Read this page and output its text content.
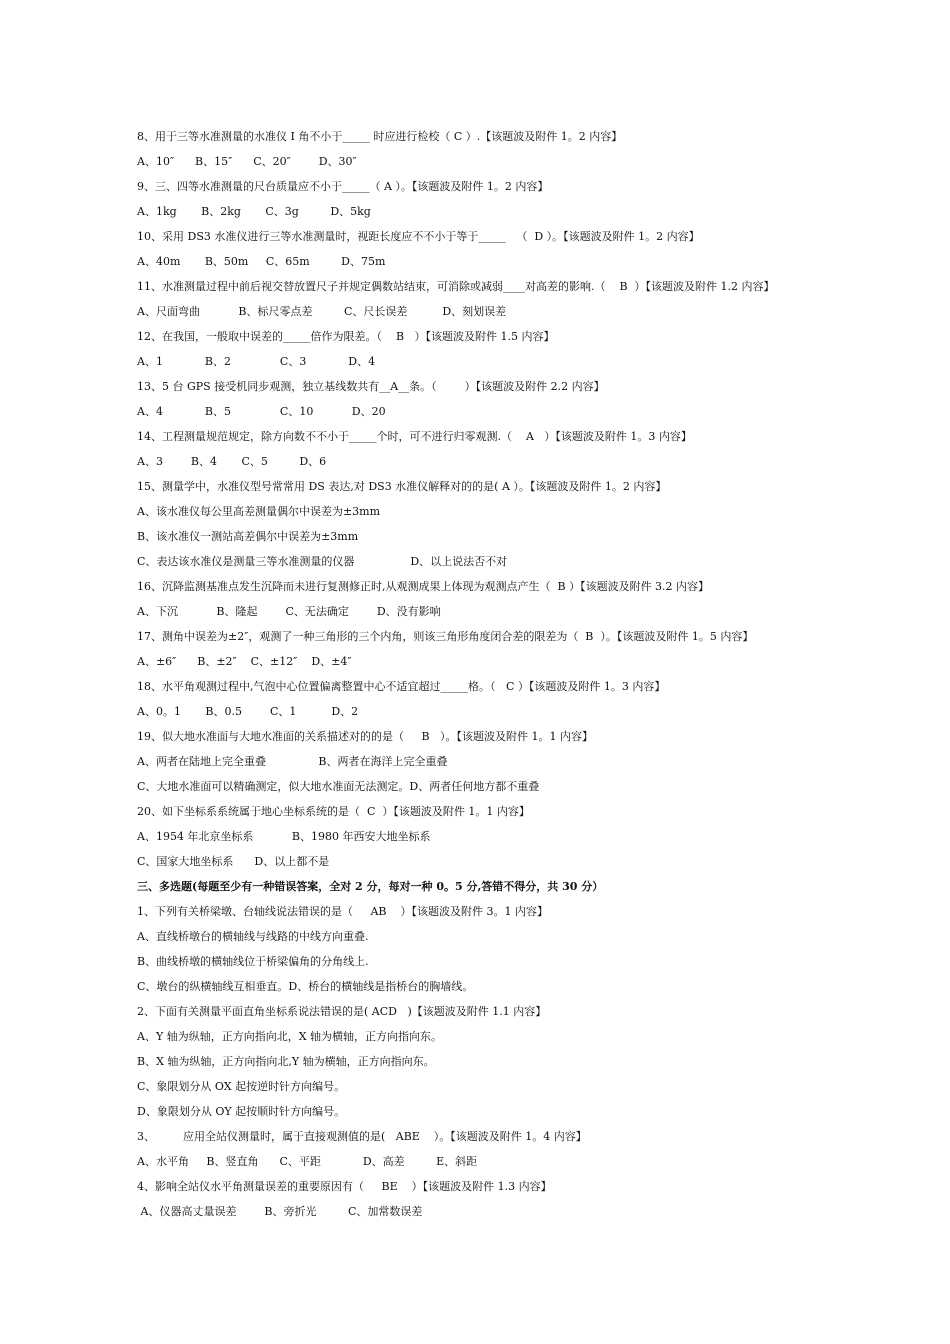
8、用于三等水准测量的水准仪 I 角不小于_____ 时应进行检校（ C ）.【该题波及附件 1。2 内容】
A、10″      B、15″      C、20″        D、30″
9、三、四等水准测量的尺台质量应不小于_____（ A ）。【该题波及附件 1。2 内容】
A、1kg       B、2kg       C、3g         D、5kg
10、采用 DS3 水准仪进行三等水准测量时，视距长度应不不小于等于_____   （  D ）。【该题波及附件 1。2 内容】
A、40m       B、50m     C、65m         D、75m
11、水准测量过程中前后视交替放置尺子并规定偶数站结束，可消除或减弱____对高差的影响.（    B  ）【该题波及附件 1.2 内容】
A、尺面弯曲           B、标尺零点差         C、尺长误差          D、刻划误差
12、在我国，一般取中误差的_____倍作为限差。（    B   ）【该题波及附件 1.5 内容】
A、1            B、2              C、3            D、4
13、5 台 GPS 接受机同步观测，独立基线数共有__A__条。（        ）【该题波及附件 2.2 内容】
A、4            B、5              C、10           D、20
14、工程测量规范规定，除方向数不不小于_____个时，可不进行归零观测.（    A   ）【该题波及附件 1。3 内容】
A、3        B、4       C、5         D、6
15、测量学中，水准仪型号常常用 DS 表达,对 DS3 水准仪解释对的的是( A ）。【该题波及附件 1。2 内容】
A、该水准仪每公里高差测量偶尔中误差为±3mm
B、该水准仪一测站高差偶尔中误差为±3mm
C、表达该水准仪是测量三等水准测量的仪器                D、以上说法否不对
16、沉降监测基准点发生沉降而未进行复测修正时,从观测成果上体现为观测点产生（  B ）【该题波及附件 3.2 内容】
A、下沉           B、隆起        C、无法确定        D、没有影响
17、测角中误差为±2″，观测了一种三角形的三个内角，则该三角形角度闭合差的限差为（  B  ）。【该题波及附件 1。5 内容】
A、±6″      B、±2″    C、±12″    D、±4″
18、水平角观测过程中,气泡中心位置偏离整置中心不适宜超过_____格。（   C ）【该题波及附件 1。3 内容】
A、0。1       B、0.5        C、1          D、2
19、似大地水准面与大地水准面的关系描述对的的是（     B   ）。【该题波及附件 1。1 内容】
A、两者在陆地上完全重叠               B、两者在海洋上完全重叠
C、大地水准面可以精确测定，似大地水准面无法测定。D、两者任何地方都不重叠
20、如下坐标系系统属于地心坐标系统的是（  C  ）【该题波及附件 1。1 内容】
A、1954 年北京坐标系           B、1980 年西安大地坐标系
C、国家大地坐标系      D、以上都不是
三、多选题(每题至少有一种错误答案，全对 2 分，每对一种 0。5 分,答错不得分，共 30 分）
1、下列有关桥梁墩、台轴线说法错误的是（     AB    ）【该题波及附件 3。1 内容】
A、直线桥墩台的横轴线与线路的中线方向重叠.
B、曲线桥墩的横轴线位于桥梁偏角的分角线上.
C、墩台的纵横轴线互相垂直。D、桥台的横轴线是指桥台的胸墙线。
2、下面有关测量平面直角坐标系说法错误的是( ACD   )【该题波及附件 1.1 内容】
A、Y 轴为纵轴，正方向指向北，X 轴为横轴，正方向指向东。
B、X 轴为纵轴，正方向指向北,Y 轴为横轴，正方向指向东。
C、象限划分从 OX 起按逆时针方向编号。
D、象限划分从 OY 起按顺时针方向编号。
3、        应用全站仪测量时，属于直接观测值的是(   ABE    ）。【该题波及附件 1。4 内容】
A、水平角     B、竖直角      C、平距            D、高差         E、斜距
4、影响全站仪水平角测量误差的重要原因有（     BE    ）【该题波及附件 1.3 内容】
A、仪器高丈量误差        B、旁折光         C、加常数误差
